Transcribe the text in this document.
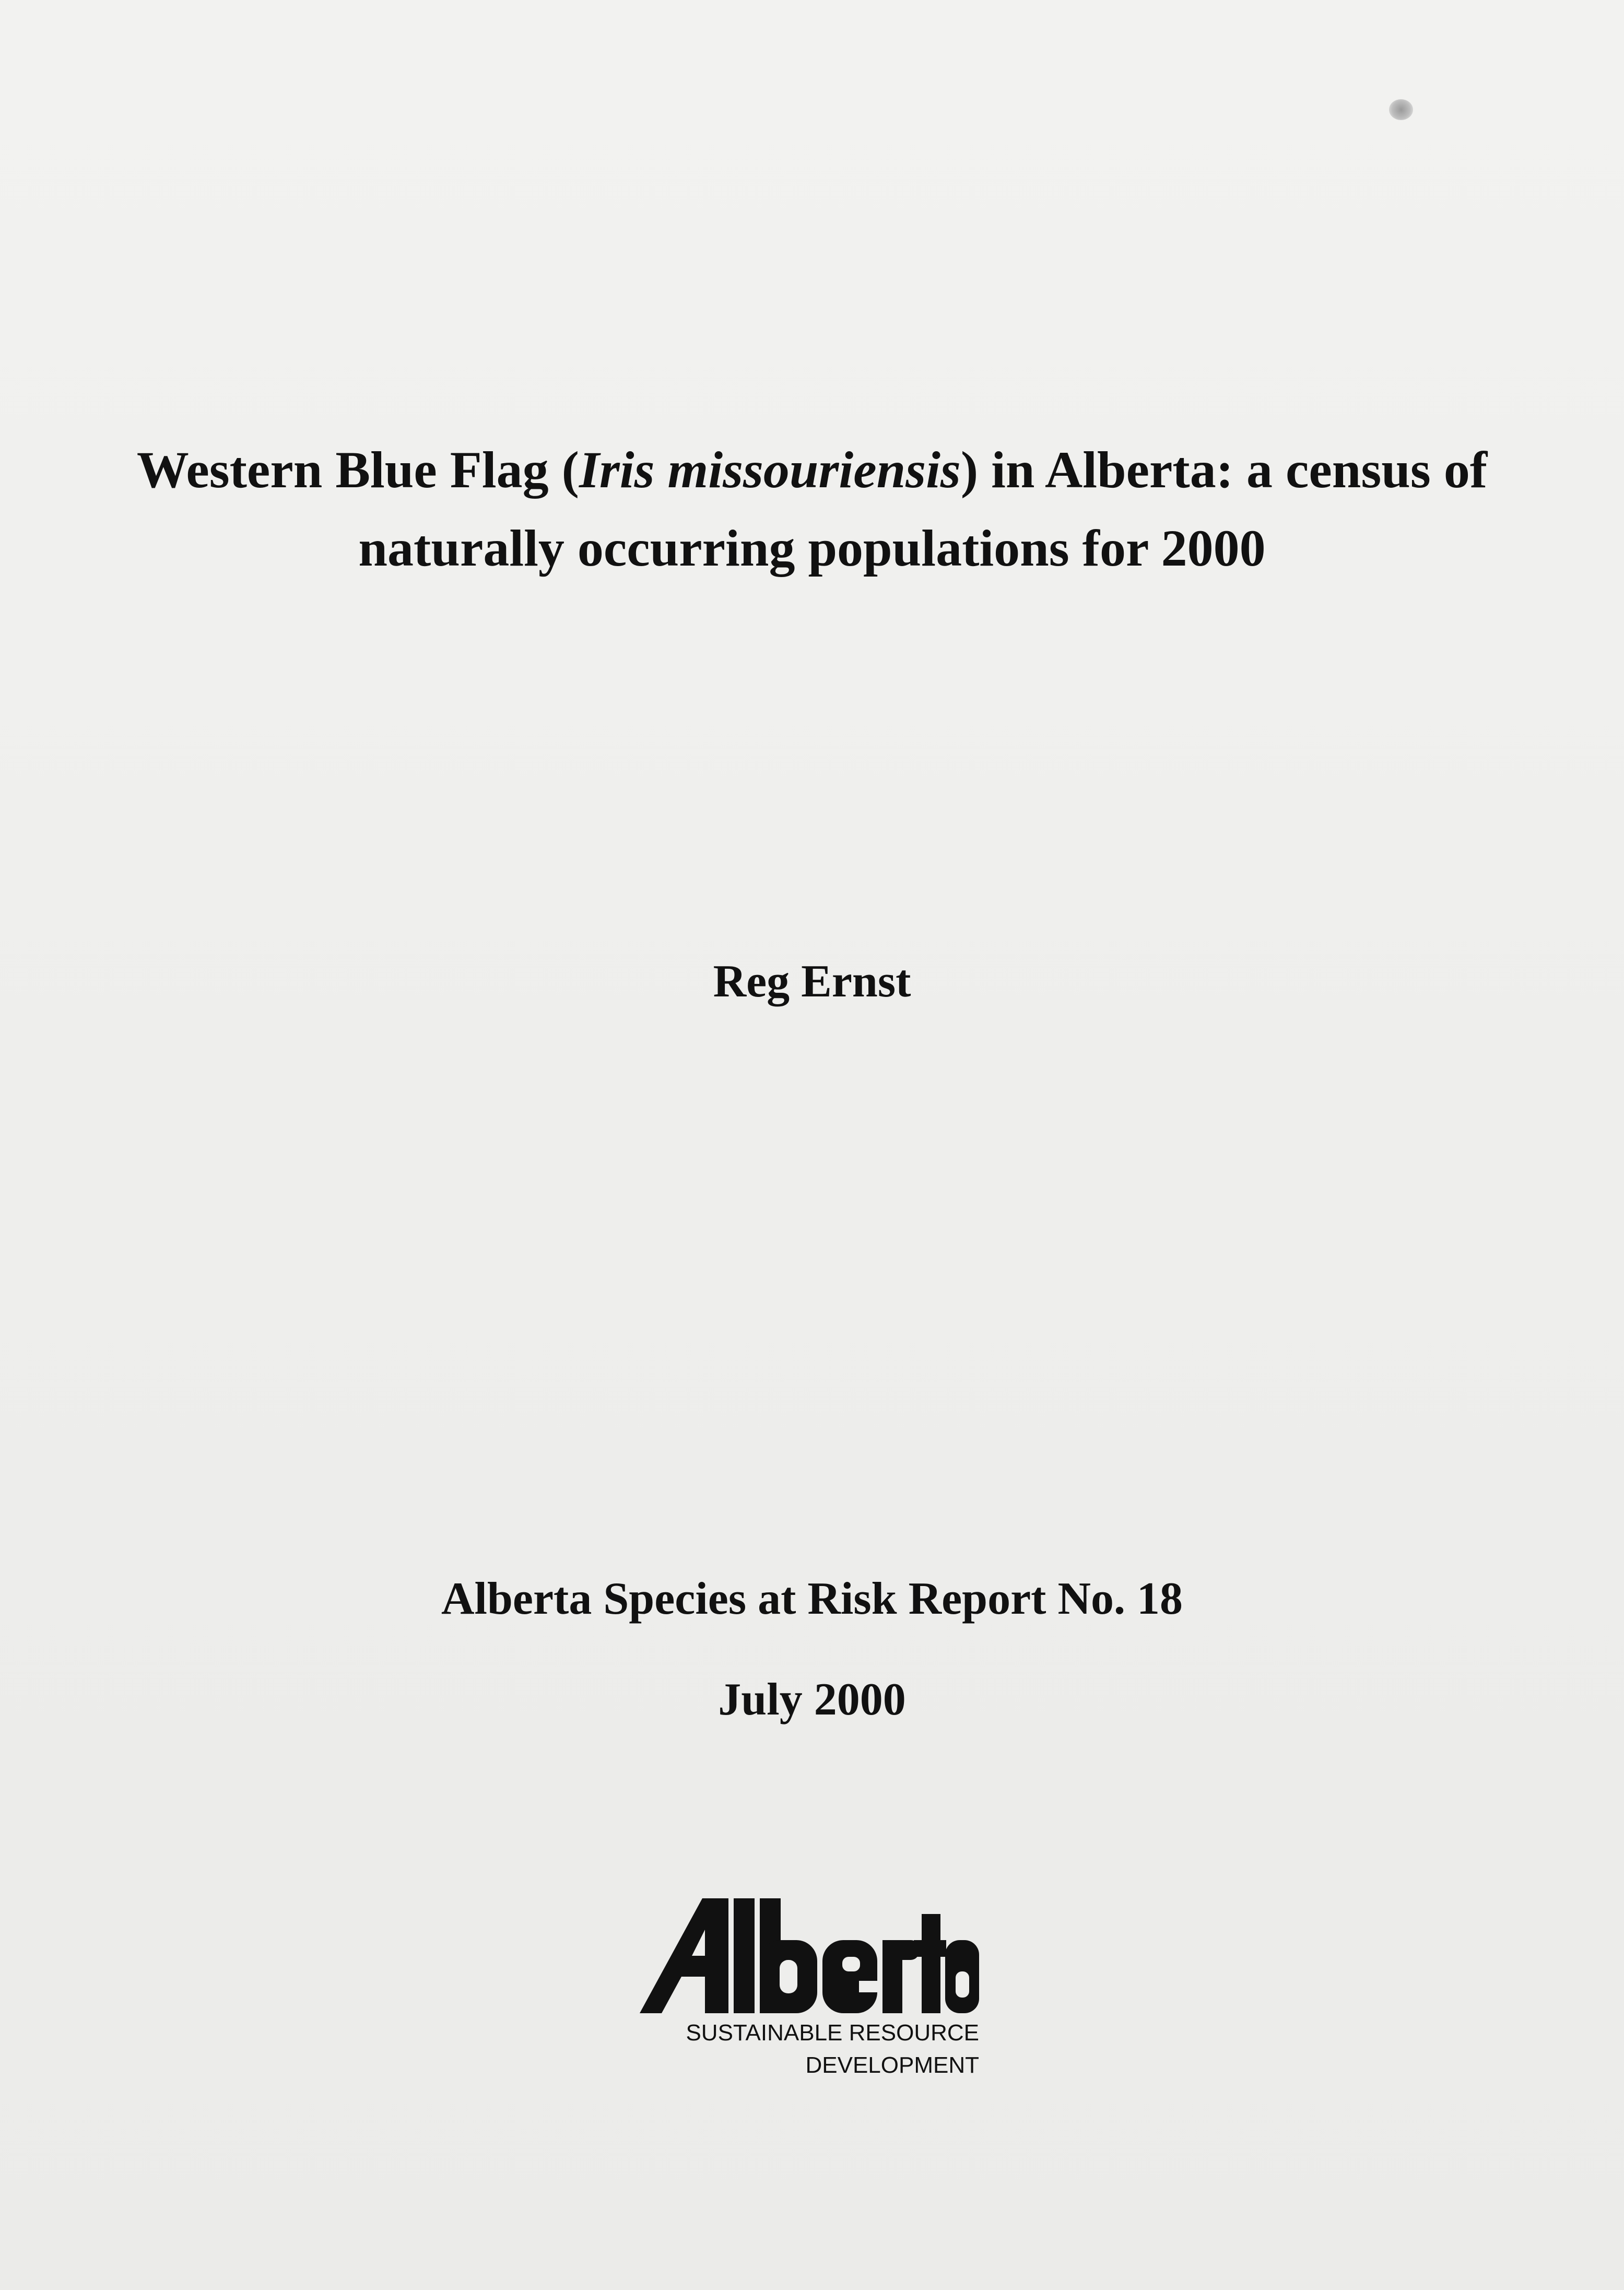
Western Blue Flag (Iris missouriensis) in Alberta: a census of
naturally occurring populations for 2000
Reg Ernst
Alberta Species at Risk Report No. 18
July 2000
SUSTAINABLE RESOURCE
DEVELOPMENT
